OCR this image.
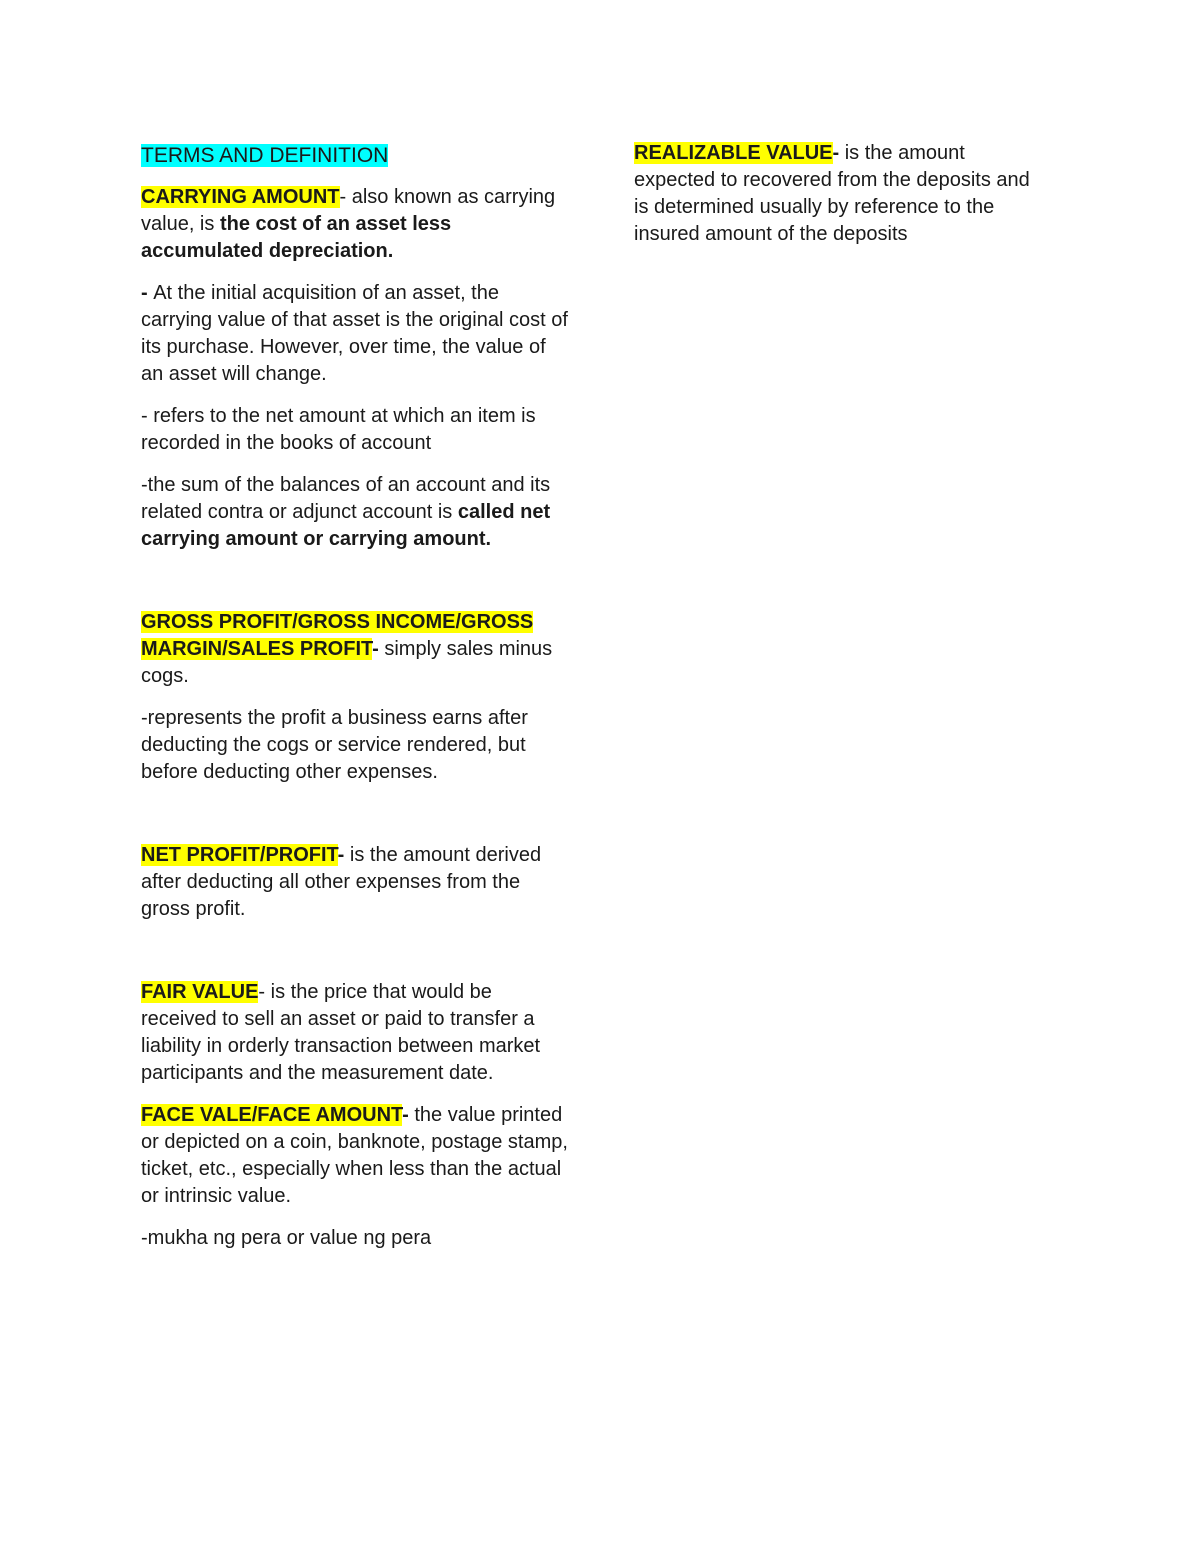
TERMS AND DEFINITION

CARRYING AMOUNT- also known as carrying value, is the cost of an asset less accumulated depreciation.

- At the initial acquisition of an asset, the carrying value of that asset is the original cost of its purchase. However, over time, the value of an asset will change.

- refers to the net amount at which an item is recorded in the books of account

-the sum of the balances of an account and its related contra or adjunct account is called net carrying amount or carrying amount.

GROSS PROFIT/GROSS INCOME/GROSS MARGIN/SALES PROFIT- simply sales minus cogs.

-represents the profit a business earns after deducting the cogs or service rendered, but before deducting other expenses.

NET PROFIT/PROFIT- is the amount derived after deducting all other expenses from the gross profit.

FAIR VALUE- is the price that would be received to sell an asset or paid to transfer a liability in orderly transaction between market participants and the measurement date.

FACE VALE/FACE AMOUNT- the value printed or depicted on a coin, banknote, postage stamp, ticket, etc., especially when less than the actual or intrinsic value.

-mukha ng pera or value ng pera

REALIZABLE VALUE- is the amount expected to recovered from the deposits and is determined usually by reference to the insured amount of the deposits
